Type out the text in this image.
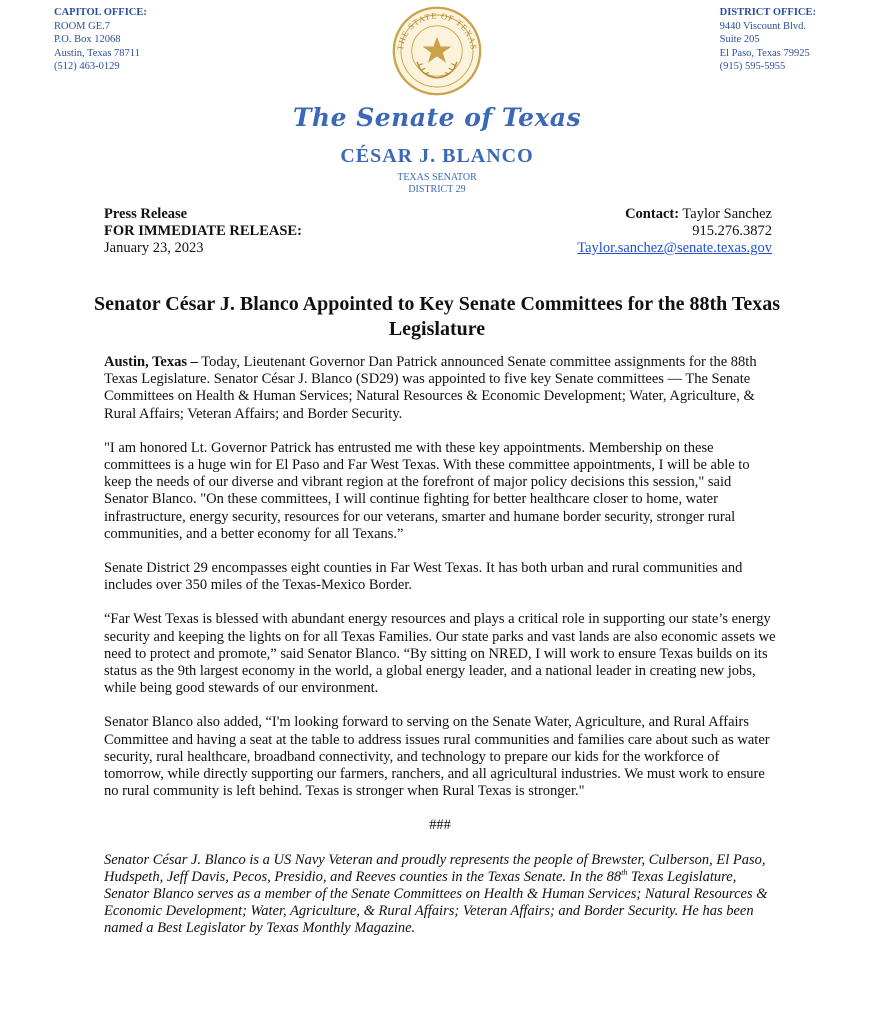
CAPITOL OFFICE:
ROOM GE.7
P.O. Box 12068
Austin, Texas 78711
(512) 463-0129
THE STATE OF TEXAS
DISTRICT OFFICE:
9440 Viscount Blvd.
Suite 205
El Paso, Texas 79925
(915) 595-5955
The Senate of Texas
CÉSAR J. BLANCO
TEXAS SENATOR
DISTRICT 29
Press Release
FOR IMMEDIATE RELEASE:
January 23, 2023
Contact: Taylor Sanchez
915.276.3872
Taylor.sanchez@senate.texas.gov
Senator César J. Blanco Appointed to Key Senate Committees for the 88th Texas Legislature

Austin, Texas – Today, Lieutenant Governor Dan Patrick announced Senate committee assignments for the 88th Texas Legislature. Senator César J. Blanco (SD29) was appointed to five key Senate committees — The Senate Committees on Health & Human Services; Natural Resources & Economic Development; Water, Agriculture, & Rural Affairs; Veteran Affairs; and Border Security.

"I am honored Lt. Governor Patrick has entrusted me with these key appointments. Membership on these committees is a huge win for El Paso and Far West Texas. With these committee appointments, I will be able to keep the needs of our diverse and vibrant region at the forefront of major policy decisions this session," said Senator Blanco. "On these committees, I will continue fighting for better healthcare closer to home, water infrastructure, energy security, resources for our veterans, smarter and humane border security, stronger rural communities, and a better economy for all Texans.”

Senate District 29 encompasses eight counties in Far West Texas. It has both urban and rural communities and includes over 350 miles of the Texas-Mexico Border.

“Far West Texas is blessed with abundant energy resources and plays a critical role in supporting our state’s energy security and keeping the lights on for all Texas Families. Our state parks and vast lands are also economic assets we need to protect and promote,” said Senator Blanco. “By sitting on NRED, I will work to ensure Texas builds on its status as the 9th largest economy in the world, a global energy leader, and a national leader in creating new jobs, while being good stewards of our environment.

Senator Blanco also added, “I'm looking forward to serving on the Senate Water, Agriculture, and Rural Affairs Committee and having a seat at the table to address issues rural communities and families care about such as water security, rural healthcare, broadband connectivity, and technology to prepare our kids for the workforce of tomorrow, while directly supporting our farmers, ranchers, and all agricultural industries. We must work to ensure no rural community is left behind. Texas is stronger when Rural Texas is stronger."

###

Senator César J. Blanco is a US Navy Veteran and proudly represents the people of Brewster, Culberson, El Paso, Hudspeth, Jeff Davis, Pecos, Presidio, and Reeves counties in the Texas Senate. In the 88th Texas Legislature, Senator Blanco serves as a member of the Senate Committees on Health & Human Services; Natural Resources & Economic Development; Water, Agriculture, & Rural Affairs; Veteran Affairs; and Border Security. He has been named a Best Legislator by Texas Monthly Magazine.
